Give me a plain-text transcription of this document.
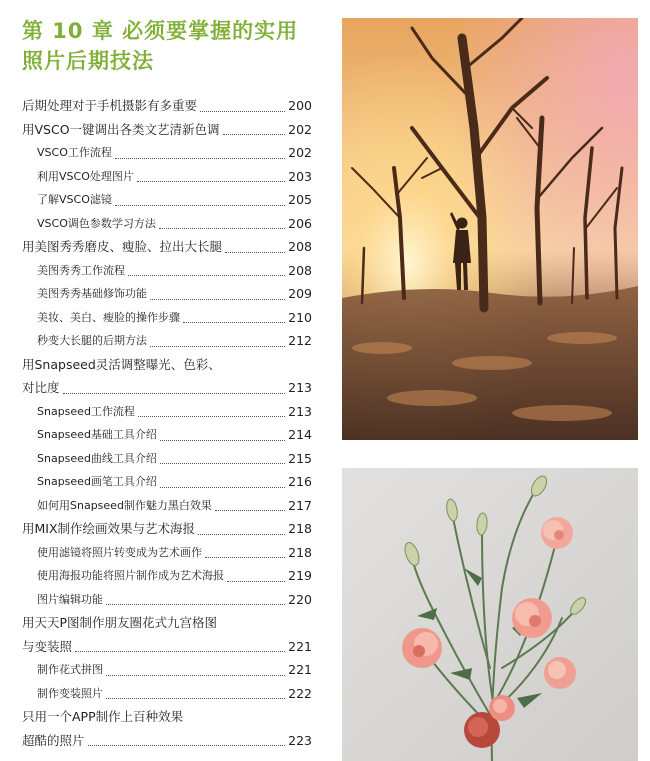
第 10 章 必须要掌握的实用
照片后期技法
后期处理对于手机摄影有多重要	200
用VSCO一键调出各类文艺清新色调	202
VSCO工作流程	202
利用VSCO处理图片	203
了解VSCO滤镜	205
VSCO调色参数学习方法	206
用美图秀秀磨皮、瘦脸、拉出大长腿	208
美图秀秀工作流程	208
美图秀秀基础修饰功能	209
美妆、美白、瘦脸的操作步骤	210
秒变大长腿的后期方法	212
用Snapseed灵活调整曝光、色彩、
对比度	213
Snapseed工作流程	213
Snapseed基础工具介绍	214
Snapseed曲线工具介绍	215
Snapseed画笔工具介绍	216
如何用Snapseed制作魅力黑白效果	217
用MIX制作绘画效果与艺术海报	218
使用滤镜将照片转变成为艺术画作	218
使用海报功能将照片制作成为艺术海报	219
图片编辑功能	220
用天天P图制作朋友圈花式九宫格图
与变装照	221
制作花式拼图	221
制作变装照片	222
只用一个APP制作上百种效果
超酷的照片	223
